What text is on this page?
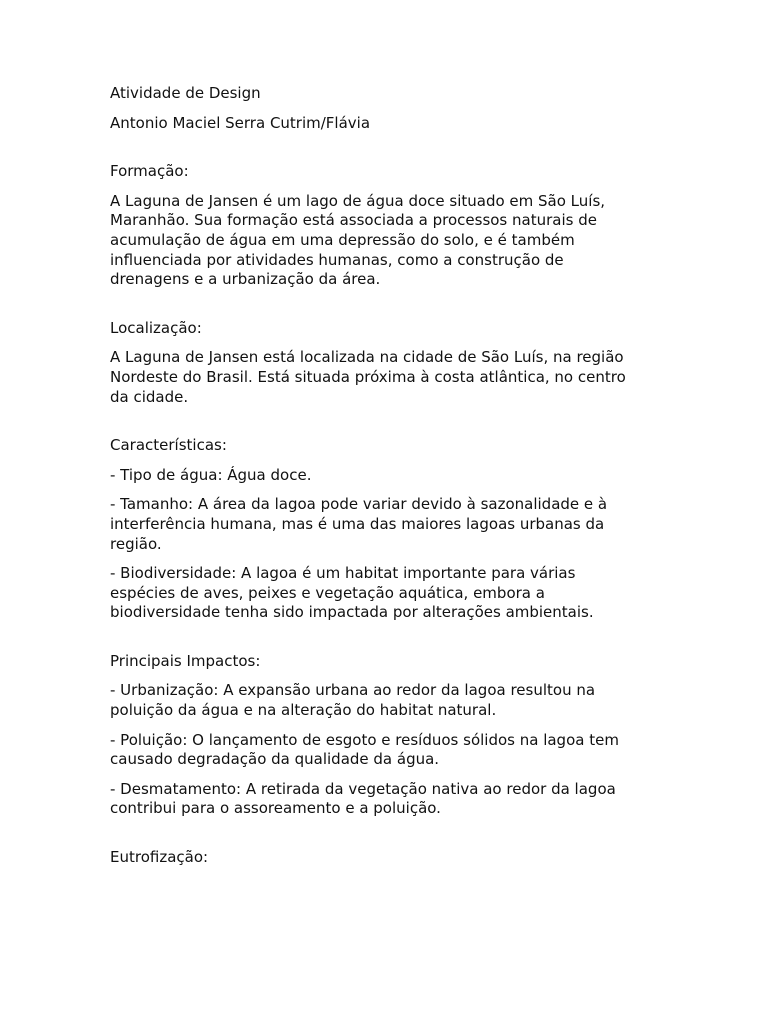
Atividade de Design

Antonio Maciel Serra Cutrim/Flávia

Formação:

A Laguna de Jansen é um lago de água doce situado em São Luís,
Maranhão. Sua formação está associada a processos naturais de
acumulação de água em uma depressão do solo, e é também
influenciada por atividades humanas, como a construção de
drenagens e a urbanização da área.

Localização:

A Laguna de Jansen está localizada na cidade de São Luís, na região
Nordeste do Brasil. Está situada próxima à costa atlântica, no centro
da cidade.

Características:

- Tipo de água: Água doce.

- Tamanho: A área da lagoa pode variar devido à sazonalidade e à
interferência humana, mas é uma das maiores lagoas urbanas da
região.

- Biodiversidade: A lagoa é um habitat importante para várias
espécies de aves, peixes e vegetação aquática, embora a
biodiversidade tenha sido impactada por alterações ambientais.

Principais Impactos:

- Urbanização: A expansão urbana ao redor da lagoa resultou na
poluição da água e na alteração do habitat natural.

- Poluição: O lançamento de esgoto e resíduos sólidos na lagoa tem
causado degradação da qualidade da água.

- Desmatamento: A retirada da vegetação nativa ao redor da lagoa
contribui para o assoreamento e a poluição.

Eutrofização:
